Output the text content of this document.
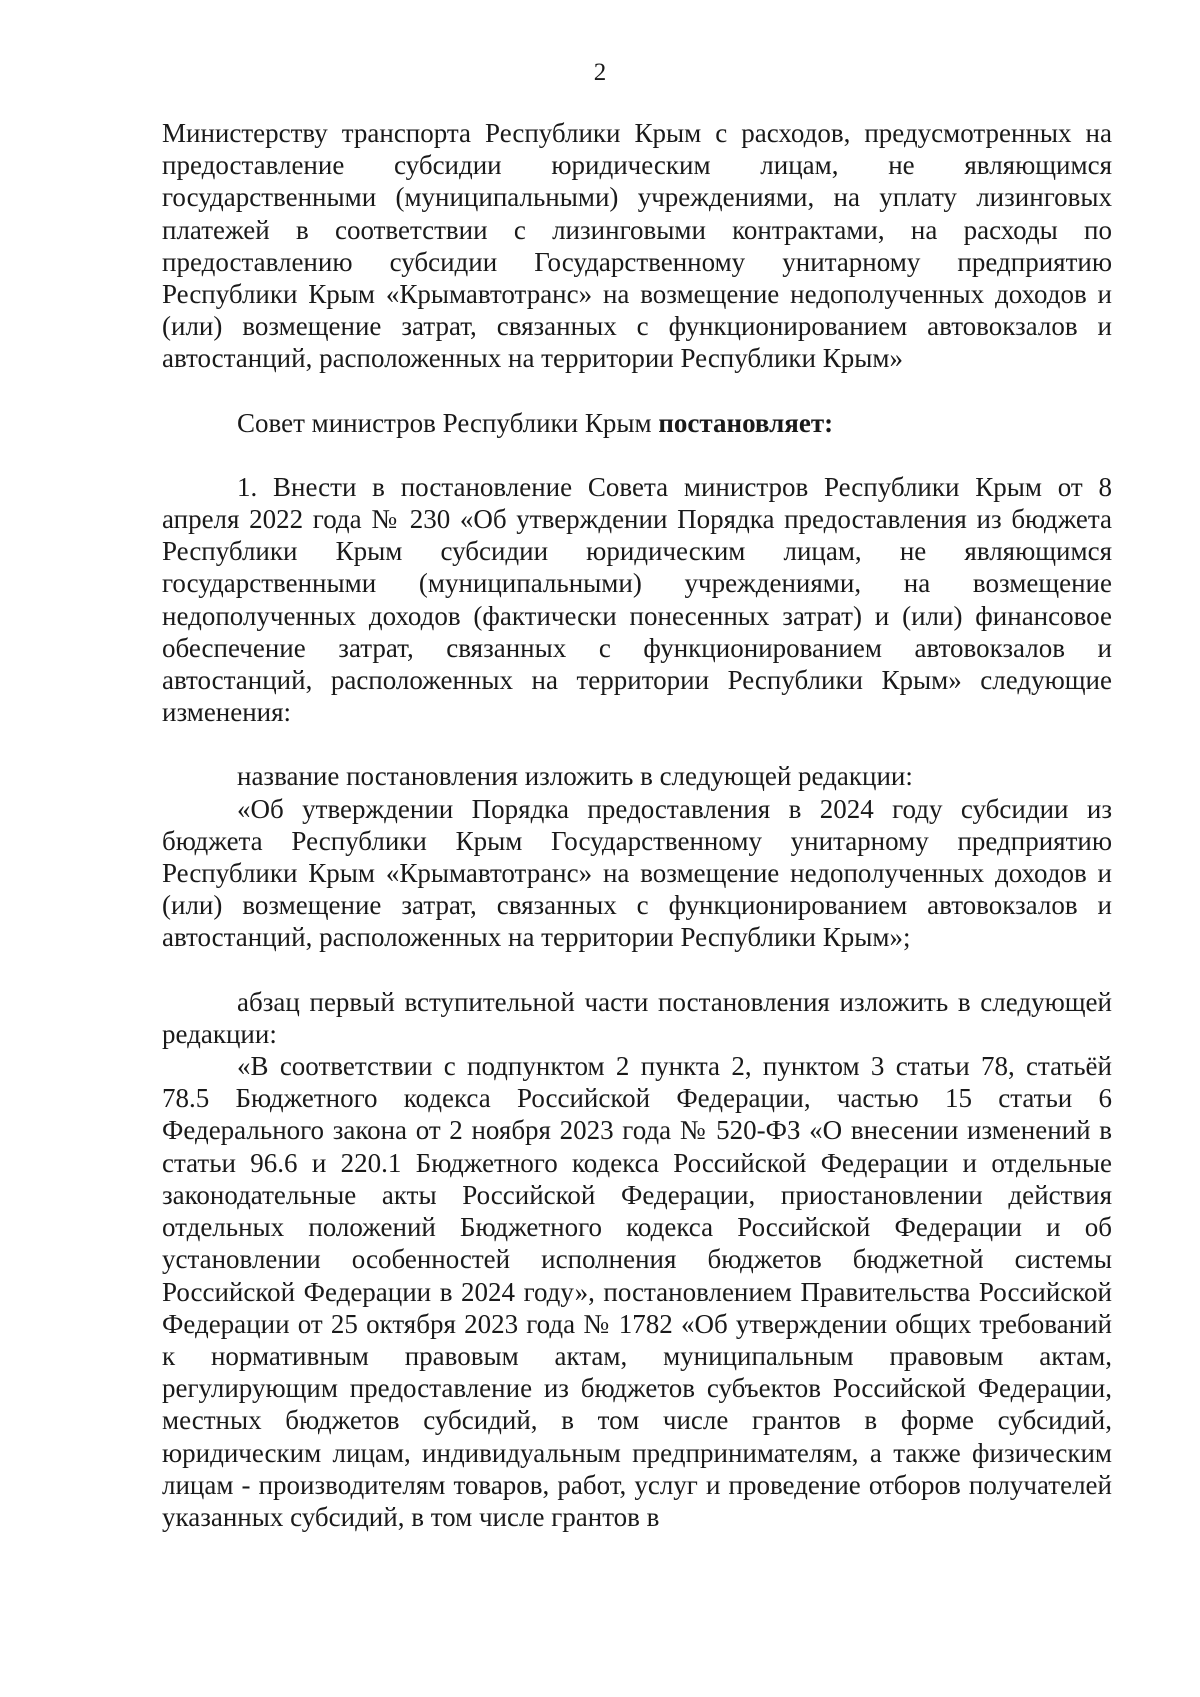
2

Министерству транспорта Республики Крым с расходов, предусмотренных на предоставление субсидии юридическим лицам, не являющимся государственными (муниципальными) учреждениями, на уплату лизинговых платежей в соответствии с лизинговыми контрактами, на расходы по предоставлению субсидии Государственному унитарному предприятию Республики Крым «Крымавтотранс» на возмещение недополученных доходов и (или) возмещение затрат, связанных с функционированием автовокзалов и автостанций, расположенных на территории Республики Крым»

Совет министров Республики Крым постановляет:

1. Внести в постановление Совета министров Республики Крым от 8 апреля 2022 года № 230 «Об утверждении Порядка предоставления из бюджета Республики Крым субсидии юридическим лицам, не являющимся государственными (муниципальными) учреждениями, на возмещение недополученных доходов (фактически понесенных затрат) и (или) финансовое обеспечение затрат, связанных с функционированием автовокзалов и автостанций, расположенных на территории Республики Крым» следующие изменения:

название постановления изложить в следующей редакции:

«Об утверждении Порядка предоставления в 2024 году субсидии из бюджета Республики Крым Государственному унитарному предприятию Республики Крым «Крымавтотранс» на возмещение недополученных доходов и (или) возмещение затрат, связанных с функционированием автовокзалов и автостанций, расположенных на территории Республики Крым»;

абзац первый вступительной части постановления изложить в следующей редакции:

«В соответствии с подпунктом 2 пункта 2, пунктом 3 статьи 78, статьёй 78.5 Бюджетного кодекса Российской Федерации, частью 15 статьи 6 Федерального закона от 2 ноября 2023 года № 520-ФЗ «О внесении изменений в статьи 96.6 и 220.1 Бюджетного кодекса Российской Федерации и отдельные законодательные акты Российской Федерации, приостановлении действия отдельных положений Бюджетного кодекса Российской Федерации и об установлении особенностей исполнения бюджетов бюджетной системы Российской Федерации в 2024 году», постановлением Правительства Российской Федерации от 25 октября 2023 года № 1782 «Об утверждении общих требований к нормативным правовым актам, муниципальным правовым актам, регулирующим предоставление из бюджетов субъектов Российской Федерации, местных бюджетов субсидий, в том числе грантов в форме субсидий, юридическим лицам, индивидуальным предпринимателям, а также физическим лицам - производителям товаров, работ, услуг и проведение отборов получателей указанных субсидий, в том числе грантов в
